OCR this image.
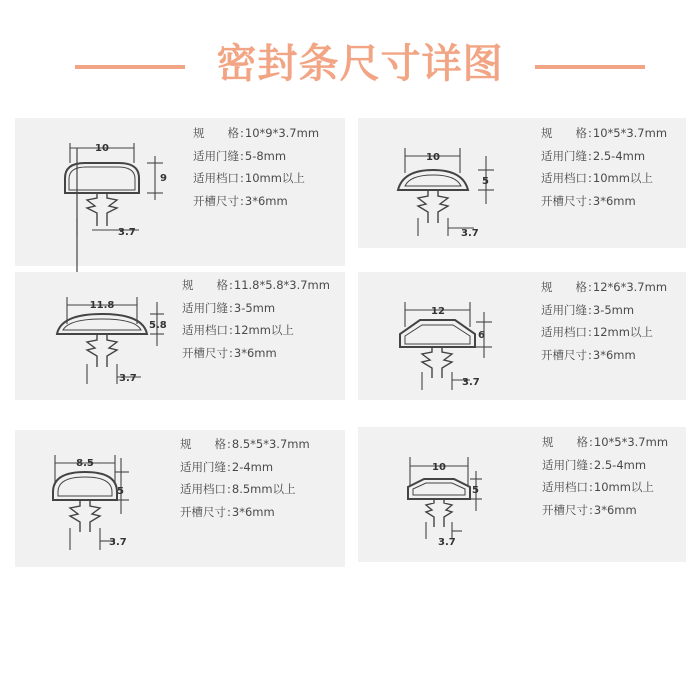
密封条尺寸详图
10
9
3.7
规　　格:10*9*3.7mm
适用门缝:5-8mm
适用档口:10mm以上
开槽尺寸:3*6mm
10
5
3.7
规　　格:10*5*3.7mm
适用门缝:2.5-4mm
适用档口:10mm以上
开槽尺寸:3*6mm
11.8
5.8
3.7
规　　格:11.8*5.8*3.7mm
适用门缝:3-5mm
适用档口:12mm以上
开槽尺寸:3*6mm
12
6
3.7
规　　格:12*6*3.7mm
适用门缝:3-5mm
适用档口:12mm以上
开槽尺寸:3*6mm
8.5
5
3.7
规　　格:8.5*5*3.7mm
适用门缝:2-4mm
适用档口:8.5mm以上
开槽尺寸:3*6mm
10
5
3.7
规　　格:10*5*3.7mm
适用门缝:2.5-4mm
适用档口:10mm以上
开槽尺寸:3*6mm
